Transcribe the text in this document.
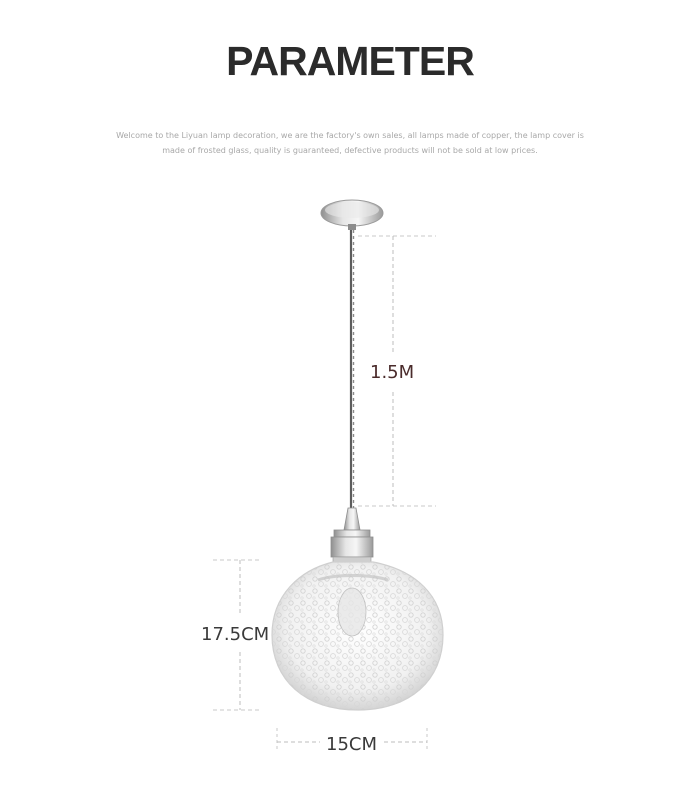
PARAMETER
Welcome to the Liyuan lamp decoration, we are the factory's own sales, all lamps made of copper, the lamp cover is
made of frosted glass, quality is guaranteed, defective products will not be sold at low prices.
1.5M
17.5CM
15CM
